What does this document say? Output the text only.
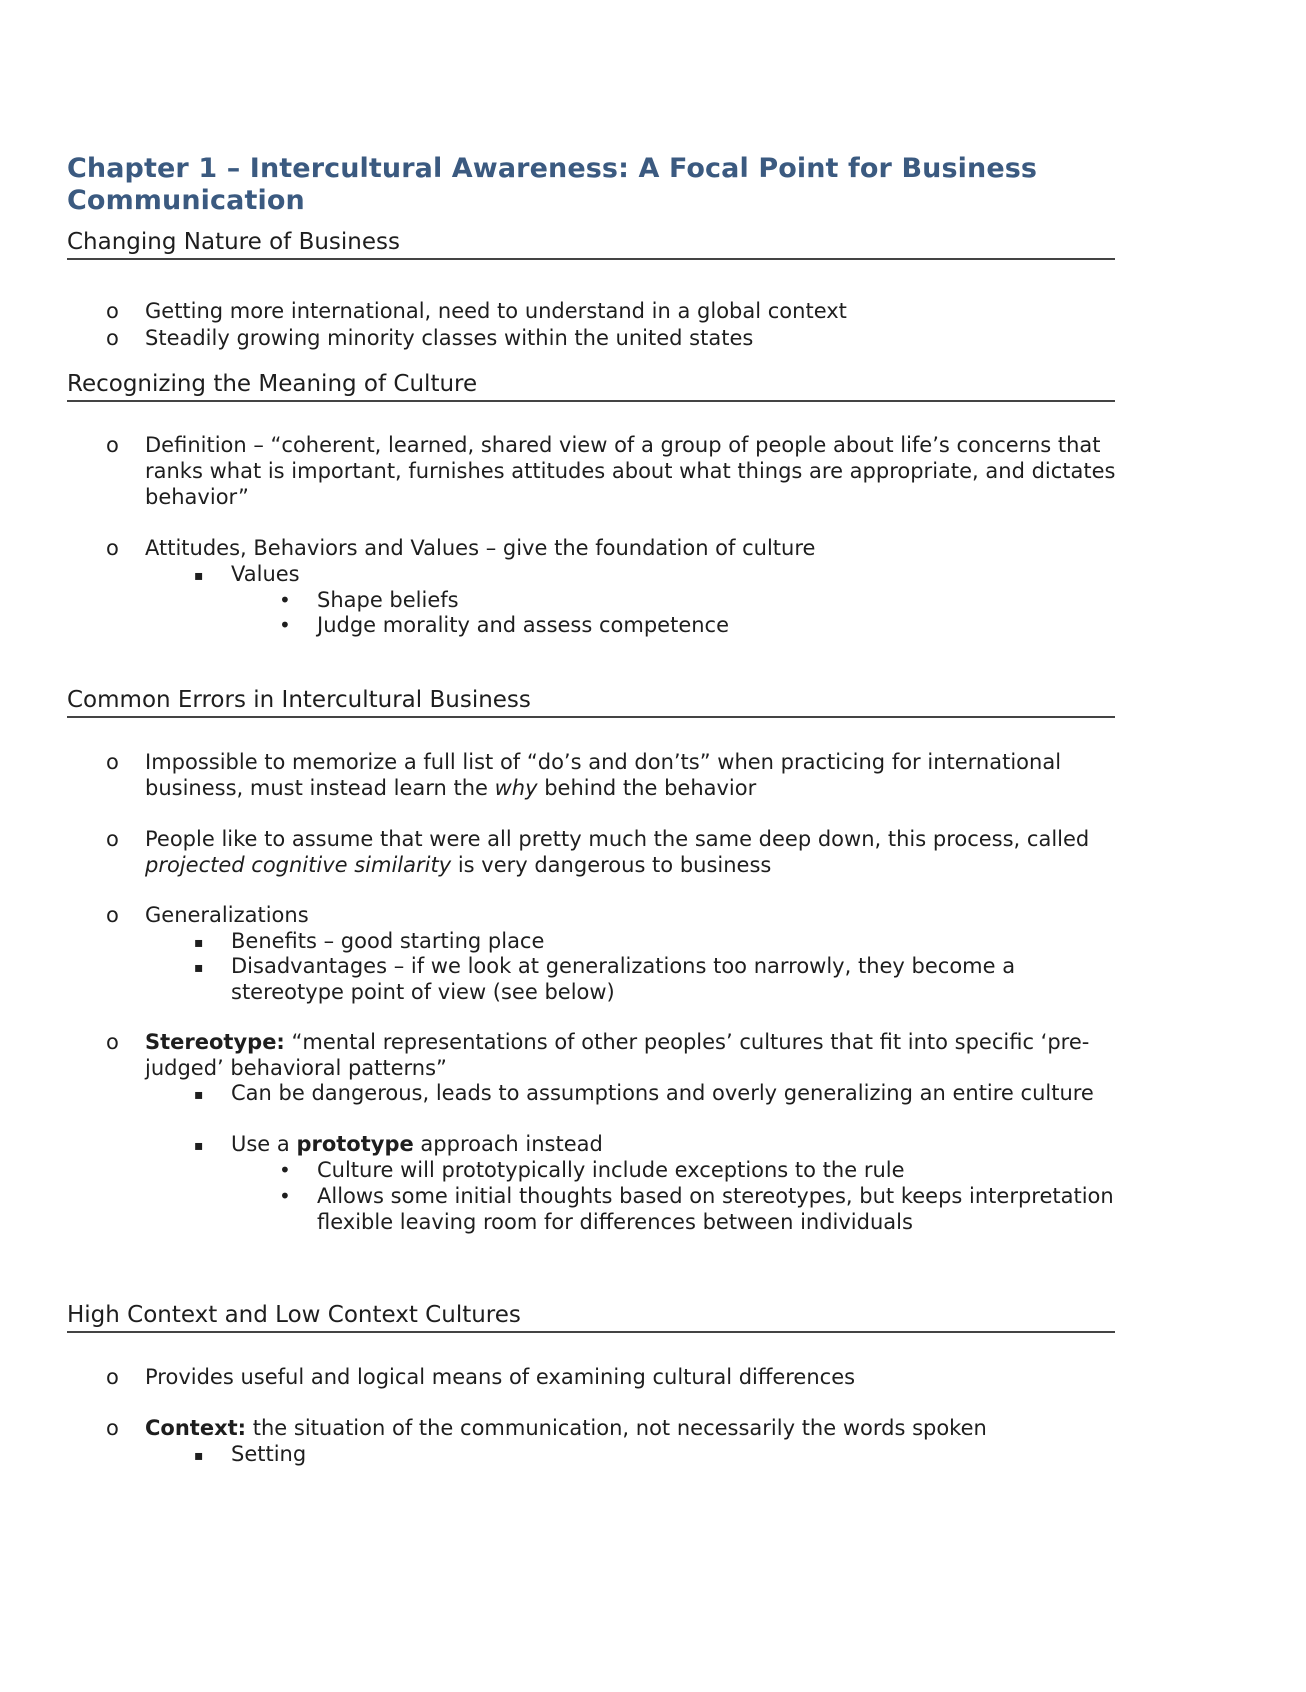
Chapter 1 – Intercultural Awareness: A Focal Point for Business Communication
Changing Nature of Business
o Getting more international, need to understand in a global context

o Steadily growing minority classes within the united states

Recognizing the Meaning of Culture
o Definition – “coherent, learned, shared view of a group of people about life’s concerns that ranks what is important, furnishes attitudes about what things are appropriate, and dictates behavior”

o Attitudes, Behaviors and Values – give the foundation of culture

▪ Values

• Shape beliefs

• Judge morality and assess competence

Common Errors in Intercultural Business
o Impossible to memorize a full list of “do’s and don’ts” when practicing for international business, must instead learn the why behind the behavior

o People like to assume that were all pretty much the same deep down, this process, called projected cognitive similarity is very dangerous to business

o Generalizations

▪ Benefits – good starting place

▪ Disadvantages – if we look at generalizations too narrowly, they become a stereotype point of view (see below)

o Stereotype: “mental representations of other peoples’ cultures that fit into specific ‘pre-judged’ behavioral patterns”

▪ Can be dangerous, leads to assumptions and overly generalizing an entire culture

▪ Use a prototype approach instead

• Culture will prototypically include exceptions to the rule

• Allows some initial thoughts based on stereotypes, but keeps interpretation flexible leaving room for differences between individuals

High Context and Low Context Cultures
o Provides useful and logical means of examining cultural differences

o Context: the situation of the communication, not necessarily the words spoken

▪ Setting
